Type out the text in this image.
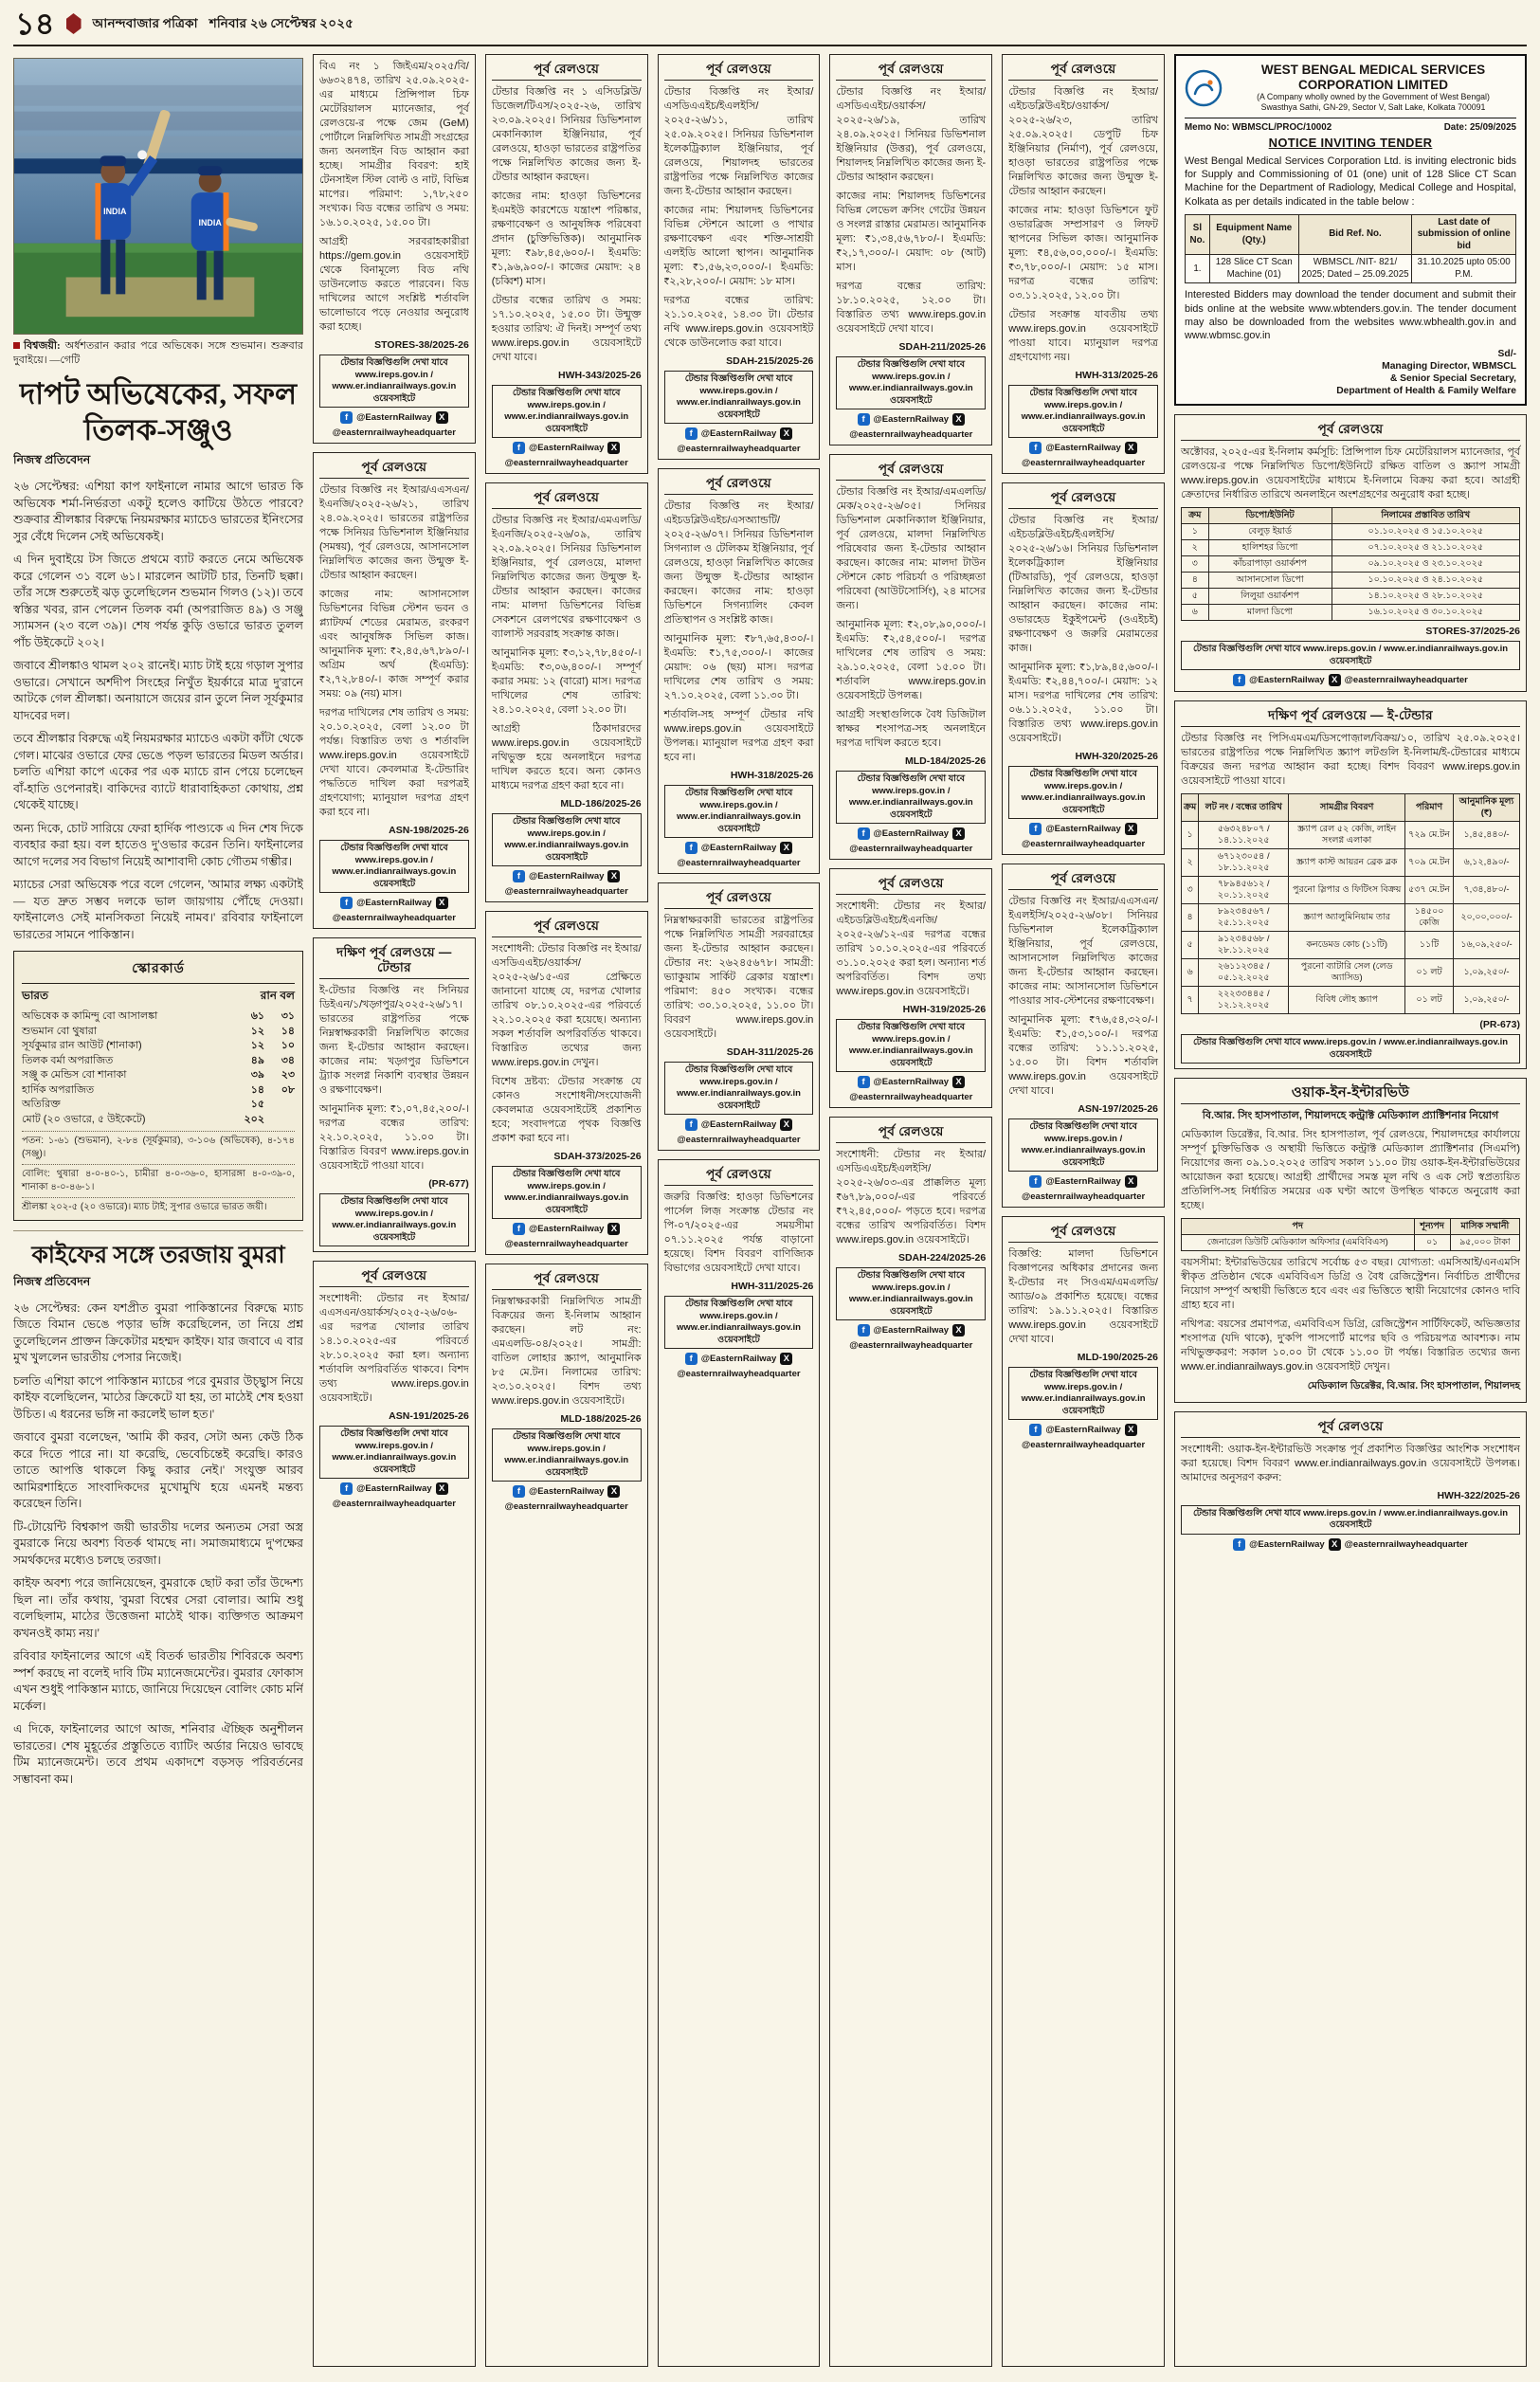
১৪	আনন্দবাজার পত্রিকা শনিবার ২৬ সেপ্টেম্বর ২০২৫
INDIA
INDIA
বিশ্বজয়ী: অর্ধশতরান করার পরে অভিষেক। সঙ্গে শুভমান। শুক্রবার দুবাইয়ে। —গেটি
দাপট অভিষেকের, সফল তিলক-সঞ্জুও
নিজস্ব প্রতিবেদন

২৬ সেপ্টেম্বর: এশিয়া কাপ ফাইনালে নামার আগে ভারত কি অভিষেক শর্মা-নির্ভরতা একটু হলেও কাটিয়ে উঠতে পারবে? শুক্রবার শ্রীলঙ্কার বিরুদ্ধে নিয়মরক্ষার ম্যাচেও ভারতের ইনিংসের সুর বেঁধে দিলেন সেই অভিষেকই।

এ দিন দুবাইয়ে টস জিতে প্রথমে ব্যাট করতে নেমে অভিষেক করে গেলেন ৩১ বলে ৬১। মারলেন আটটি চার, তিনটি ছক্কা। তাঁর সঙ্গে শুরুতেই ঝড় তুলেছিলেন শুভমান গিলও (১২)। তবে স্বস্তির খবর, রান পেলেন তিলক বর্মা (অপরাজিত ৪৯) ও সঞ্জু স্যামসন (২৩ বলে ৩৯)। শেষ পর্যন্ত কুড়ি ওভারে ভারত তুলল পাঁচ উইকেটে ২০২।

জবাবে শ্রীলঙ্কাও থামল ২০২ রানেই। ম্যাচ টাই হয়ে গড়াল সুপার ওভারে। সেখানে অর্শদীপ সিংহের নিখুঁত ইয়র্কারে মাত্র দু'রানে আটকে গেল শ্রীলঙ্কা। অনায়াসে জয়ের রান তুলে নিল সূর্যকুমার যাদবের দল।

তবে শ্রীলঙ্কার বিরুদ্ধে এই নিয়মরক্ষার ম্যাচেও একটা কাঁটা থেকে গেল। মাঝের ওভারে ফের ভেঙে পড়ল ভারতের মিডল অর্ডার। চলতি এশিয়া কাপে একের পর এক ম্যাচে রান পেয়ে চলেছেন বাঁ-হাতি ওপেনারই। বাকিদের ব্যাটে ধারাবাহিকতা কোথায়, প্রশ্ন থেকেই যাচ্ছে।

অন্য দিকে, চোট সারিয়ে ফেরা হার্দিক পাণ্ড্যকে এ দিন শেষ দিকে ব্যবহার করা হয়। বল হাতেও দু'ওভার করেন তিনি। ফাইনালের আগে দলের সব বিভাগ নিয়েই আশাবাদী কোচ গৌতম গম্ভীর।

ম্যাচের সেরা অভিষেক পরে বলে গেলেন, 'আমার লক্ষ্য একটাই — যত দ্রুত সম্ভব দলকে ভাল জায়গায় পৌঁছে দেওয়া। ফাইনালেও সেই মানসিকতা নিয়েই নামব।' রবিবার ফাইনালে ভারতের সামনে পাকিস্তান।

স্কোরকার্ড
ভারত	রান বল
অভিষেক ক কামিন্দু বো আসালঙ্কা	৬১	৩১
শুভমান বো থুষারা	১২	১৪
সূর্যকুমার রান আউট (শানাকা)	১২	১০
তিলক বর্মা অপরাজিত	৪৯	৩৪
সঞ্জু ক মেন্ডিস বো শানাকা	৩৯	২৩
হার্দিক অপরাজিত	১৪	০৮
অতিরিক্ত	১৫
মোট (২০ ওভারে, ৫ উইকেটে)	২০২

পতন: ১-৬১ (শুভমান), ২-৮৪ (সূর্যকুমার), ৩-১০৬ (অভিষেক), ৪-১৭৪ (সঞ্জু)।

বোলিং: থুষারা ৪-০-৪০-১, চামীরা ৪-০-৩৬-০, হাসারঙ্গা ৪-০-৩৯-০, শানাকা ৪-০-৪৬-১।

শ্রীলঙ্কা ২০২-৫ (২০ ওভারে)। ম্যাচ টাই; সুপার ওভারে ভারত জয়ী।

কাইফের সঙ্গে তরজায় বুমরা
নিজস্ব প্রতিবেদন

২৬ সেপ্টেম্বর: কেন যশপ্রীত বুমরা পাকিস্তানের বিরুদ্ধে ম্যাচ জিতে বিমান ভেঙে পড়ার ভঙ্গি করেছিলেন, তা নিয়ে প্রশ্ন তুলেছিলেন প্রাক্তন ক্রিকেটার মহম্মদ কাইফ। যার জবাবে এ বার মুখ খুললেন ভারতীয় পেসার নিজেই।

চলতি এশিয়া কাপে পাকিস্তান ম্যাচের পরে বুমরার উচ্ছ্বাস নিয়ে কাইফ বলেছিলেন, 'মাঠের ক্রিকেটে যা হয়, তা মাঠেই শেষ হওয়া উচিত। এ ধরনের ভঙ্গি না করলেই ভাল হত।'

জবাবে বুমরা বলেছেন, 'আমি কী করব, সেটা অন্য কেউ ঠিক করে দিতে পারে না। যা করেছি, ভেবেচিন্তেই করেছি। কারও তাতে আপত্তি থাকলে কিছু করার নেই।' সংযুক্ত আরব আমিরশাহিতে সাংবাদিকদের মুখোমুখি হয়ে এমনই মন্তব্য করেছেন তিনি।

টি-টোয়েন্টি বিশ্বকাপ জয়ী ভারতীয় দলের অন্যতম সেরা অস্ত্র বুমরাকে নিয়ে অবশ্য বিতর্ক থামছে না। সমাজমাধ্যমে দু'পক্ষের সমর্থকদের মধ্যেও চলছে তরজা।

কাইফ অবশ্য পরে জানিয়েছেন, বুমরাকে ছোট করা তাঁর উদ্দেশ্য ছিল না। তাঁর কথায়, 'বুমরা বিশ্বের সেরা বোলার। আমি শুধু বলেছিলাম, মাঠের উত্তেজনা মাঠেই থাক। ব্যক্তিগত আক্রমণ কখনওই কাম্য নয়।'

রবিবার ফাইনালের আগে এই বিতর্ক ভারতীয় শিবিরকে অবশ্য স্পর্শ করছে না বলেই দাবি টিম ম্যানেজমেন্টের। বুমরার ফোকাস এখন শুধুই পাকিস্তান ম্যাচে, জানিয়ে দিয়েছেন বোলিং কোচ মর্নি মর্কেল।

এ দিকে, ফাইনালের আগে আজ, শনিবার ঐচ্ছিক অনুশীলন ভারতের। শেষ মুহূর্তের প্রস্তুতিতে ব্যাটিং অর্ডার নিয়েও ভাবছে টিম ম্যানেজমেন্ট। তবে প্রথম একাদশে বড়সড় পরিবর্তনের সম্ভাবনা কম।

বিএ নং ১ জিইএম/২০২৫/বি/৬৬৩২৪৭৪, তারিখ ২৫.০৯.২০২৫-এর মাধ্যমে প্রিন্সিপাল চিফ মেটেরিয়ালস ম্যানেজার, পূর্ব রেলওয়ে-র পক্ষে জেম (GeM) পোর্টালে নিম্নলিখিত সামগ্রী সংগ্রহের জন্য অনলাইন বিড আহ্বান করা হচ্ছে। সামগ্রীর বিবরণ: হাই টেনসাইল স্টিল বোল্ট ও নাট, বিভিন্ন মাপের। পরিমাণ: ১,৭৮,২৫০ সংখ্যক। বিড বন্ধের তারিখ ও সময়: ১৬.১০.২০২৫, ১৫.০০ টা।

আগ্রহী সরবরাহকারীরা https://gem.gov.in ওয়েবসাইট থেকে বিনামূল্যে বিড নথি ডাউনলোড করতে পারবেন। বিড দাখিলের আগে সংশ্লিষ্ট শর্তাবলি ভালোভাবে পড়ে নেওয়ার অনুরোধ করা হচ্ছে।

STORES-38/2025-26
টেন্ডার বিজ্ঞপ্তিগুলি দেখা যাবে www.ireps.gov.in / www.er.indianrailways.gov.in ওয়েবসাইটে
f @EasternRailway X
@easternrailwayheadquarter
পূর্ব রেলওয়ে

টেন্ডার বিজ্ঞপ্তি নং ইআর/এএসএন/ইএনজি/২০২৫-২৬/২১, তারিখ ২৪.০৯.২০২৫। ভারতের রাষ্ট্রপতির পক্ষে সিনিয়র ডিভিশনাল ইঞ্জিনিয়ার (সমন্বয়), পূর্ব রেলওয়ে, আসানসোল নিম্নলিখিত কাজের জন্য উন্মুক্ত ই-টেন্ডার আহ্বান করছেন।

কাজের নাম: আসানসোল ডিভিশনের বিভিন্ন স্টেশন ভবন ও প্ল্যাটফর্ম শেডের মেরামত, রংকরণ এবং আনুষঙ্গিক সিভিল কাজ। আনুমানিক মূল্য: ₹২,৪৫,৬৭,৮৯০/-। অগ্রিম অর্থ (ইএমডি): ₹২,৭২,৮৪০/-। কাজ সম্পূর্ণ করার সময়: ০৯ (নয়) মাস।

দরপত্র দাখিলের শেষ তারিখ ও সময়: ২০.১০.২০২৫, বেলা ১২.০০ টা পর্যন্ত। বিস্তারিত তথ্য ও শর্তাবলি www.ireps.gov.in ওয়েবসাইটে দেখা যাবে। কেবলমাত্র ই-টেন্ডারিং পদ্ধতিতে দাখিল করা দরপত্রই গ্রহণযোগ্য; ম্যানুয়াল দরপত্র গ্রহণ করা হবে না।

ASN-198/2025-26
টেন্ডার বিজ্ঞপ্তিগুলি দেখা যাবে www.ireps.gov.in / www.er.indianrailways.gov.in ওয়েবসাইটে
f @EasternRailway X
@easternrailwayheadquarter
দক্ষিণ পূর্ব রেলওয়ে — টেন্ডার

ই-টেন্ডার বিজ্ঞপ্তি নং সিনিয়র ডিইএন/১/খড়্গপুর/২০২৫-২৬/১৭। ভারতের রাষ্ট্রপতির পক্ষে নিম্নস্বাক্ষরকারী নিম্নলিখিত কাজের জন্য ই-টেন্ডার আহ্বান করছেন। কাজের নাম: খড়্গপুর ডিভিশনে ট্র্যাক সংলগ্ন নিকাশি ব্যবস্থার উন্নয়ন ও রক্ষণাবেক্ষণ।

আনুমানিক মূল্য: ₹১,০৭,৪৫,২০০/-। দরপত্র বন্ধের তারিখ: ২২.১০.২০২৫, ১১.০০ টা। বিস্তারিত বিবরণ www.ireps.gov.in ওয়েবসাইটে পাওয়া যাবে।

(PR-677)
টেন্ডার বিজ্ঞপ্তিগুলি দেখা যাবে www.ireps.gov.in / www.er.indianrailways.gov.in ওয়েবসাইটে
পূর্ব রেলওয়ে

সংশোধনী: টেন্ডার নং ইআর/এএসএন/ওয়ার্কস/২০২৫-২৬/০৬-এর দরপত্র খোলার তারিখ ১৪.১০.২০২৫-এর পরিবর্তে ২৮.১০.২০২৫ করা হল। অন্যান্য শর্তাবলি অপরিবর্তিত থাকবে। বিশদ তথ্য www.ireps.gov.in ওয়েবসাইটে।

ASN-191/2025-26
টেন্ডার বিজ্ঞপ্তিগুলি দেখা যাবে www.ireps.gov.in / www.er.indianrailways.gov.in ওয়েবসাইটে
f @EasternRailway X
@easternrailwayheadquarter
পূর্ব রেলওয়ে

টেন্ডার বিজ্ঞপ্তি নং ১ এসিডব্লিউ/ডিজেল/টিএস/২০২৫-২৬, তারিখ ২৩.০৯.২০২৫। সিনিয়র ডিভিশনাল মেকানিক্যাল ইঞ্জিনিয়ার, পূর্ব রেলওয়ে, হাওড়া ভারতের রাষ্ট্রপতির পক্ষে নিম্নলিখিত কাজের জন্য ই-টেন্ডার আহ্বান করছেন।

কাজের নাম: হাওড়া ডিভিশনের ইএমইউ কারশেডে যন্ত্রাংশ পরিষ্কার, রক্ষণাবেক্ষণ ও আনুষঙ্গিক পরিষেবা প্রদান (চুক্তিভিত্তিক)। আনুমানিক মূল্য: ₹৯৮,৪৫,৬০০/-। ইএমডি: ₹১,৯৬,৯০০/-। কাজের মেয়াদ: ২৪ (চব্বিশ) মাস।

টেন্ডার বন্ধের তারিখ ও সময়: ১৭.১০.২০২৫, ১৫.০০ টা। উন্মুক্ত হওয়ার তারিখ: ঐ দিনই। সম্পূর্ণ তথ্য www.ireps.gov.in ওয়েবসাইটে দেখা যাবে।

HWH-343/2025-26
টেন্ডার বিজ্ঞপ্তিগুলি দেখা যাবে www.ireps.gov.in / www.er.indianrailways.gov.in ওয়েবসাইটে
f @EasternRailway X
@easternrailwayheadquarter
পূর্ব রেলওয়ে

টেন্ডার বিজ্ঞপ্তি নং ইআর/এমএলডি/ইএনজি/২০২৫-২৬/০৯, তারিখ ২২.০৯.২০২৫। সিনিয়র ডিভিশনাল ইঞ্জিনিয়ার, পূর্ব রেলওয়ে, মালদা নিম্নলিখিত কাজের জন্য উন্মুক্ত ই-টেন্ডার আহ্বান করছেন। কাজের নাম: মালদা ডিভিশনের বিভিন্ন সেকশনে রেলপথের রক্ষণাবেক্ষণ ও ব্যালাস্ট সরবরাহ সংক্রান্ত কাজ।

আনুমানিক মূল্য: ₹৩,১২,৭৮,৪৫০/-। ইএমডি: ₹৩,০৬,৪০০/-। সম্পূর্ণ করার সময়: ১২ (বারো) মাস। দরপত্র দাখিলের শেষ তারিখ: ২৪.১০.২০২৫, বেলা ১২.০০ টা।

আগ্রহী ঠিকাদারদের www.ireps.gov.in ওয়েবসাইটে নথিভুক্ত হয়ে অনলাইনে দরপত্র দাখিল করতে হবে। অন্য কোনও মাধ্যমে দরপত্র গ্রহণ করা হবে না।

MLD-186/2025-26
টেন্ডার বিজ্ঞপ্তিগুলি দেখা যাবে www.ireps.gov.in / www.er.indianrailways.gov.in ওয়েবসাইটে
f @EasternRailway X
@easternrailwayheadquarter
পূর্ব রেলওয়ে

সংশোধনী: টেন্ডার বিজ্ঞপ্তি নং ইআর/এসডিএএইচ/ওয়ার্কস/২০২৫-২৬/১৫-এর প্রেক্ষিতে জানানো যাচ্ছে যে, দরপত্র খোলার তারিখ ০৮.১০.২০২৫-এর পরিবর্তে ২২.১০.২০২৫ করা হয়েছে। অন্যান্য সকল শর্তাবলি অপরিবর্তিত থাকবে। বিস্তারিত তথ্যের জন্য www.ireps.gov.in দেখুন।

বিশেষ দ্রষ্টব্য: টেন্ডার সংক্রান্ত যে কোনও সংশোধনী/সংযোজনী কেবলমাত্র ওয়েবসাইটেই প্রকাশিত হবে; সংবাদপত্রে পৃথক বিজ্ঞপ্তি প্রকাশ করা হবে না।

SDAH-373/2025-26
টেন্ডার বিজ্ঞপ্তিগুলি দেখা যাবে www.ireps.gov.in / www.er.indianrailways.gov.in ওয়েবসাইটে
f @EasternRailway X
@easternrailwayheadquarter
পূর্ব রেলওয়ে

নিম্নস্বাক্ষরকারী নিম্নলিখিত সামগ্রী বিক্রয়ের জন্য ই-নিলাম আহ্বান করছেন। লট নং: এমএলডি-০৪/২০২৫। সামগ্রী: বাতিল লোহার স্ক্র্যাপ, আনুমানিক ৮৫ মে.টন। নিলামের তারিখ: ২৩.১০.২০২৫। বিশদ তথ্য www.ireps.gov.in ওয়েবসাইটে।

MLD-188/2025-26
টেন্ডার বিজ্ঞপ্তিগুলি দেখা যাবে www.ireps.gov.in / www.er.indianrailways.gov.in ওয়েবসাইটে
f @EasternRailway X
@easternrailwayheadquarter
পূর্ব রেলওয়ে

টেন্ডার বিজ্ঞপ্তি নং ইআর/এসডিএএইচ/ইএলইসি/২০২৫-২৬/১১, তারিখ ২৫.০৯.২০২৫। সিনিয়র ডিভিশনাল ইলেকট্রিক্যাল ইঞ্জিনিয়ার, পূর্ব রেলওয়ে, শিয়ালদহ ভারতের রাষ্ট্রপতির পক্ষে নিম্নলিখিত কাজের জন্য ই-টেন্ডার আহ্বান করছেন।

কাজের নাম: শিয়ালদহ ডিভিশনের বিভিন্ন স্টেশনে আলো ও পাখার রক্ষণাবেক্ষণ এবং শক্তি-সাশ্রয়ী এলইডি আলো স্থাপন। আনুমানিক মূল্য: ₹১,৫৬,২৩,০০০/-। ইএমডি: ₹২,২৮,২০০/-। মেয়াদ: ১৮ মাস।

দরপত্র বন্ধের তারিখ: ২১.১০.২০২৫, ১৪.৩০ টা। টেন্ডার নথি www.ireps.gov.in ওয়েবসাইট থেকে ডাউনলোড করা যাবে।

SDAH-215/2025-26
টেন্ডার বিজ্ঞপ্তিগুলি দেখা যাবে www.ireps.gov.in / www.er.indianrailways.gov.in ওয়েবসাইটে
f @EasternRailway X
@easternrailwayheadquarter
পূর্ব রেলওয়ে

টেন্ডার বিজ্ঞপ্তি নং ইআর/এইচডব্লিউএইচ/এসঅ্যান্ডটি/২০২৫-২৬/০৭। সিনিয়র ডিভিশনাল সিগন্যাল ও টেলিকম ইঞ্জিনিয়ার, পূর্ব রেলওয়ে, হাওড়া নিম্নলিখিত কাজের জন্য উন্মুক্ত ই-টেন্ডার আহ্বান করছেন। কাজের নাম: হাওড়া ডিভিশনে সিগন্যালিং কেবল প্রতিস্থাপন ও সংশ্লিষ্ট কাজ।

আনুমানিক মূল্য: ₹৮৭,৬৫,৪৩০/-। ইএমডি: ₹১,৭৫,৩০০/-। কাজের মেয়াদ: ০৬ (ছয়) মাস। দরপত্র দাখিলের শেষ তারিখ ও সময়: ২৭.১০.২০২৫, বেলা ১১.৩০ টা।

শর্তাবলি-সহ সম্পূর্ণ টেন্ডার নথি www.ireps.gov.in ওয়েবসাইটে উপলব্ধ। ম্যানুয়াল দরপত্র গ্রহণ করা হবে না।

HWH-318/2025-26
টেন্ডার বিজ্ঞপ্তিগুলি দেখা যাবে www.ireps.gov.in / www.er.indianrailways.gov.in ওয়েবসাইটে
f @EasternRailway X
@easternrailwayheadquarter
পূর্ব রেলওয়ে

নিম্নস্বাক্ষরকারী ভারতের রাষ্ট্রপতির পক্ষে নিম্নলিখিত সামগ্রী সরবরাহের জন্য ই-টেন্ডার আহ্বান করছেন। টেন্ডার নং: ২৬২৪৫৬৭৮। সামগ্রী: ভ্যাকুয়াম সার্কিট ব্রেকার যন্ত্রাংশ। পরিমাণ: ৪৫০ সংখ্যক। বন্ধের তারিখ: ৩০.১০.২০২৫, ১১.০০ টা। বিবরণ www.ireps.gov.in ওয়েবসাইটে।

SDAH-311/2025-26
টেন্ডার বিজ্ঞপ্তিগুলি দেখা যাবে www.ireps.gov.in / www.er.indianrailways.gov.in ওয়েবসাইটে
f @EasternRailway X
@easternrailwayheadquarter
পূর্ব রেলওয়ে

জরুরি বিজ্ঞপ্তি: হাওড়া ডিভিশনের পার্সেল লিজ় সংক্রান্ত টেন্ডার নং পি-০৭/২০২৫-এর সময়সীমা ০৭.১১.২০২৫ পর্যন্ত বাড়ানো হয়েছে। বিশদ বিবরণ বাণিজ্যিক বিভাগের ওয়েবসাইটে দেখা যাবে।

HWH-311/2025-26
টেন্ডার বিজ্ঞপ্তিগুলি দেখা যাবে www.ireps.gov.in / www.er.indianrailways.gov.in ওয়েবসাইটে
f @EasternRailway X
@easternrailwayheadquarter
পূর্ব রেলওয়ে

টেন্ডার বিজ্ঞপ্তি নং ইআর/এসডিএএইচ/ওয়ার্কস/২০২৫-২৬/১৯, তারিখ ২৪.০৯.২০২৫। সিনিয়র ডিভিশনাল ইঞ্জিনিয়ার (উত্তর), পূর্ব রেলওয়ে, শিয়ালদহ নিম্নলিখিত কাজের জন্য ই-টেন্ডার আহ্বান করছেন।

কাজের নাম: শিয়ালদহ ডিভিশনের বিভিন্ন লেভেল ক্রসিং গেটের উন্নয়ন ও সংলগ্ন রাস্তার মেরামত। আনুমানিক মূল্য: ₹১,৩৪,৫৬,৭৮০/-। ইএমডি: ₹২,১৭,৩০০/-। মেয়াদ: ০৮ (আট) মাস।

দরপত্র বন্ধের তারিখ: ১৮.১০.২০২৫, ১২.০০ টা। বিস্তারিত তথ্য www.ireps.gov.in ওয়েবসাইটে দেখা যাবে।

SDAH-211/2025-26
টেন্ডার বিজ্ঞপ্তিগুলি দেখা যাবে www.ireps.gov.in / www.er.indianrailways.gov.in ওয়েবসাইটে
f @EasternRailway X
@easternrailwayheadquarter
পূর্ব রেলওয়ে

টেন্ডার বিজ্ঞপ্তি নং ইআর/এমএলডি/মেক/২০২৫-২৬/০৫। সিনিয়র ডিভিশনাল মেকানিক্যাল ইঞ্জিনিয়ার, পূর্ব রেলওয়ে, মালদা নিম্নলিখিত পরিষেবার জন্য ই-টেন্ডার আহ্বান করছেন। কাজের নাম: মালদা টাউন স্টেশনে কোচ পরিচর্যা ও পরিচ্ছন্নতা পরিষেবা (আউটসোর্সিং), ২৪ মাসের জন্য।

আনুমানিক মূল্য: ₹২,০৮,৯০,০০০/-। ইএমডি: ₹২,৫৪,৫০০/-। দরপত্র দাখিলের শেষ তারিখ ও সময়: ২৯.১০.২০২৫, বেলা ১৫.০০ টা। শর্তাবলি www.ireps.gov.in ওয়েবসাইটে উপলব্ধ।

আগ্রহী সংস্থাগুলিকে বৈধ ডিজিটাল স্বাক্ষর শংসাপত্র-সহ অনলাইনে দরপত্র দাখিল করতে হবে।

MLD-184/2025-26
টেন্ডার বিজ্ঞপ্তিগুলি দেখা যাবে www.ireps.gov.in / www.er.indianrailways.gov.in ওয়েবসাইটে
f @EasternRailway X
@easternrailwayheadquarter
পূর্ব রেলওয়ে

সংশোধনী: টেন্ডার নং ইআর/এইচডব্লিউএইচ/ইএনজি/২০২৫-২৬/১২-এর দরপত্র বন্ধের তারিখ ১০.১০.২০২৫-এর পরিবর্তে ৩১.১০.২০২৫ করা হল। অন্যান্য শর্ত অপরিবর্তিত। বিশদ তথ্য www.ireps.gov.in ওয়েবসাইটে।

HWH-319/2025-26
টেন্ডার বিজ্ঞপ্তিগুলি দেখা যাবে www.ireps.gov.in / www.er.indianrailways.gov.in ওয়েবসাইটে
f @EasternRailway X
@easternrailwayheadquarter
পূর্ব রেলওয়ে

সংশোধনী: টেন্ডার নং ইআর/এসডিএএইচ/ইএলইসি/২০২৫-২৬/০৩-এর প্রাক্কলিত মূল্য ₹৬৭,৮৯,০০০/-এর পরিবর্তে ₹৭২,৪৫,০০০/- পড়তে হবে। দরপত্র বন্ধের তারিখ অপরিবর্তিত। বিশদ www.ireps.gov.in ওয়েবসাইটে।

SDAH-224/2025-26
টেন্ডার বিজ্ঞপ্তিগুলি দেখা যাবে www.ireps.gov.in / www.er.indianrailways.gov.in ওয়েবসাইটে
f @EasternRailway X
@easternrailwayheadquarter
পূর্ব রেলওয়ে

টেন্ডার বিজ্ঞপ্তি নং ইআর/এইচডব্লিউএইচ/ওয়ার্কস/২০২৫-২৬/২৩, তারিখ ২৫.০৯.২০২৫। ডেপুটি চিফ ইঞ্জিনিয়ার (নির্মাণ), পূর্ব রেলওয়ে, হাওড়া ভারতের রাষ্ট্রপতির পক্ষে নিম্নলিখিত কাজের জন্য উন্মুক্ত ই-টেন্ডার আহ্বান করছেন।

কাজের নাম: হাওড়া ডিভিশনে ফুট ওভারব্রিজ সম্প্রসারণ ও লিফট স্থাপনের সিভিল কাজ। আনুমানিক মূল্য: ₹৪,৫৬,০০,০০০/-। ইএমডি: ₹৩,৭৮,০০০/-। মেয়াদ: ১৫ মাস। দরপত্র বন্ধের তারিখ: ০৩.১১.২০২৫, ১২.০০ টা।

টেন্ডার সংক্রান্ত যাবতীয় তথ্য www.ireps.gov.in ওয়েবসাইটে পাওয়া যাবে। ম্যানুয়াল দরপত্র গ্রহণযোগ্য নয়।

HWH-313/2025-26
টেন্ডার বিজ্ঞপ্তিগুলি দেখা যাবে www.ireps.gov.in / www.er.indianrailways.gov.in ওয়েবসাইটে
f @EasternRailway X
@easternrailwayheadquarter
পূর্ব রেলওয়ে

টেন্ডার বিজ্ঞপ্তি নং ইআর/এইচডব্লিউএইচ/ইএলইসি/২০২৫-২৬/১৬। সিনিয়র ডিভিশনাল ইলেকট্রিক্যাল ইঞ্জিনিয়ার (টিআরডি), পূর্ব রেলওয়ে, হাওড়া নিম্নলিখিত কাজের জন্য ই-টেন্ডার আহ্বান করছেন। কাজের নাম: ওভারহেড ইকুইপমেন্ট (ওএইচই) রক্ষণাবেক্ষণ ও জরুরি মেরামতের কাজ।

আনুমানিক মূল্য: ₹১,৮৯,৪৫,৬০০/-। ইএমডি: ₹২,৪৪,৭০০/-। মেয়াদ: ১২ মাস। দরপত্র দাখিলের শেষ তারিখ: ০৬.১১.২০২৫, ১১.০০ টা। বিস্তারিত তথ্য www.ireps.gov.in ওয়েবসাইটে।

HWH-320/2025-26
টেন্ডার বিজ্ঞপ্তিগুলি দেখা যাবে www.ireps.gov.in / www.er.indianrailways.gov.in ওয়েবসাইটে
f @EasternRailway X
@easternrailwayheadquarter
পূর্ব রেলওয়ে

টেন্ডার বিজ্ঞপ্তি নং ইআর/এএসএন/ইএলইসি/২০২৫-২৬/০৮। সিনিয়র ডিভিশনাল ইলেকট্রিক্যাল ইঞ্জিনিয়ার, পূর্ব রেলওয়ে, আসানসোল নিম্নলিখিত কাজের জন্য ই-টেন্ডার আহ্বান করছেন। কাজের নাম: আসানসোল ডিভিশনে পাওয়ার সাব-স্টেশনের রক্ষণাবেক্ষণ।

আনুমানিক মূল্য: ₹৭৬,৫৪,৩২০/-। ইএমডি: ₹১,৫৩,১০০/-। দরপত্র বন্ধের তারিখ: ১১.১১.২০২৫, ১৫.০০ টা। বিশদ শর্তাবলি www.ireps.gov.in ওয়েবসাইটে দেখা যাবে।

ASN-197/2025-26
টেন্ডার বিজ্ঞপ্তিগুলি দেখা যাবে www.ireps.gov.in / www.er.indianrailways.gov.in ওয়েবসাইটে
f @EasternRailway X
@easternrailwayheadquarter
পূর্ব রেলওয়ে

বিজ্ঞপ্তি: মালদা ডিভিশনে বিজ্ঞাপনের অধিকার প্রদানের জন্য ই-টেন্ডার নং সিওএম/এমএলডি/অ্যাড/০৯ প্রকাশিত হয়েছে। বন্ধের তারিখ: ১৯.১১.২০২৫। বিস্তারিত www.ireps.gov.in ওয়েবসাইটে দেখা যাবে।

MLD-190/2025-26
টেন্ডার বিজ্ঞপ্তিগুলি দেখা যাবে www.ireps.gov.in / www.er.indianrailways.gov.in ওয়েবসাইটে
f @EasternRailway X
@easternrailwayheadquarter
WEST BENGAL MEDICAL SERVICES CORPORATION LIMITED
(A Company wholly owned by the Government of West Bengal)
Swasthya Sathi, GN-29, Sector V, Salt Lake, Kolkata 700091
Memo No: WBMSCL/PROC/10002	Date: 25/09/2025
NOTICE INVITING TENDER

West Bengal Medical Services Corporation Ltd. is inviting electronic bids for Supply and Commissioning of 01 (one) unit of 128 Slice CT Scan Machine for the Department of Radiology, Medical College and Hospital, Kolkata as per details indicated in the table below :

Sl No.	Equipment Name (Qty.)	Bid Ref. No.	Last date of submission of online bid
1.	128 Slice CT Scan Machine (01)	WBMSCL /NIT- 821/ 2025; Dated – 25.09.2025	31.10.2025 upto 05:00 P.M.

Interested Bidders may download the tender document and submit their bids online at the website www.wbtenders.gov.in. The tender document may also be downloaded from the websites www.wbhealth.gov.in and www.wbmsc.gov.in

Sd/-
Managing Director, WBMSCL
& Senior Special Secretary,
Department of Health & Family Welfare
পূর্ব রেলওয়ে

অক্টোবর, ২০২৫-এর ই-নিলাম কর্মসূচি: প্রিন্সিপাল চিফ মেটেরিয়ালস ম্যানেজার, পূর্ব রেলওয়ে-র পক্ষে নিম্নলিখিত ডিপো/ইউনিটে রক্ষিত বাতিল ও স্ক্র্যাপ সামগ্রী www.ireps.gov.in ওয়েবসাইটের মাধ্যমে ই-নিলামে বিক্রয় করা হবে। আগ্রহী ক্রেতাদের নির্ধারিত তারিখে অনলাইনে অংশগ্রহণের অনুরোধ করা হচ্ছে।

ক্রম	ডিপো/ইউনিট	নিলামের প্রস্তাবিত তারিখ
১	বেলুড় ইয়ার্ড	০১.১০.২০২৫ ও ১৫.১০.২০২৫
২	হালিশহর ডিপো	০৭.১০.২০২৫ ও ২১.১০.২০২৫
৩	কাঁচরাপাড়া ওয়ার্কশপ	০৯.১০.২০২৫ ও ২৩.১০.২০২৫
৪	আসানসোল ডিপো	১০.১০.২০২৫ ও ২৪.১০.২০২৫
৫	লিলুয়া ওয়ার্কশপ	১৪.১০.২০২৫ ও ২৮.১০.২০২৫
৬	মালদা ডিপো	১৬.১০.২০২৫ ও ৩০.১০.২০২৫
STORES-37/2025-26
টেন্ডার বিজ্ঞপ্তিগুলি দেখা যাবে www.ireps.gov.in / www.er.indianrailways.gov.in ওয়েবসাইটে
f @EasternRailway X @easternrailwayheadquarter
দক্ষিণ পূর্ব রেলওয়ে — ই-টেন্ডার

টেন্ডার বিজ্ঞপ্তি নং পিসিএমএম/ডিসপোজ়াল/বিক্রয়/১০, তারিখ ২৫.০৯.২০২৫। ভারতের রাষ্ট্রপতির পক্ষে নিম্নলিখিত স্ক্র্যাপ লটগুলি ই-নিলাম/ই-টেন্ডারের মাধ্যমে বিক্রয়ের জন্য দরপত্র আহ্বান করা হচ্ছে। বিশদ বিবরণ www.ireps.gov.in ওয়েবসাইটে পাওয়া যাবে।

ক্রম	লট নং / বন্ধের তারিখ	সামগ্রীর বিবরণ	পরিমাণ	আনুমানিক মূল্য (₹)
১	৫৬৩২৪৮০৭ / ১৪.১১.২০২৫	স্ক্র্যাপ রেল ৫২ কেজি, লাইন সংলগ্ন এলাকা	৭২৯ মে.টন	১,৪৫,৪৪০/-
২	৬৭১২৩০৫৪ / ১৮.১১.২০২৫	স্ক্র্যাপ কাস্ট আয়রন ব্রেক ব্লক	৭০৯ মে.টন	৬,১২,৪৯০/-
৩	৭৮৯৪৫৬১২ / ২০.১১.২০২৫	পুরনো স্লিপার ও ফিটিংস বিক্রয়	৫৩৭ মে.টন	৭,৩৪,৪৮০/-
৪	৮৯২৩৪৫৬৭ / ২৫.১১.২০২৫	স্ক্র্যাপ অ্যালুমিনিয়াম তার	১৪৫০০ কেজি	২০,০০,০০০/-
৫	৯১২৩৪৫৬৮ / ২৮.১১.২০২৫	কনডেমড কোচ (১১টি)	১১টি	১৬,০৯,২৫০/-
৬	২৬১১২৩৪৫ / ০৫.১২.২০২৫	পুরনো ব্যাটারি সেল (লেড অ্যাসিড)	০১ লট	১,০৯,২৫০/-
৭	২২২৩৩৪৪৫ / ১২.১২.২০২৫	বিবিধ লৌহ স্ক্র্যাপ	০১ লট	১,০৯,২৫০/-
(PR-673)
টেন্ডার বিজ্ঞপ্তিগুলি দেখা যাবে www.ireps.gov.in / www.er.indianrailways.gov.in ওয়েবসাইটে
ওয়াক-ইন-ইন্টারভিউ
বি.আর. সিং হাসপাতাল, শিয়ালদহে কন্ট্রাক্ট মেডিক্যাল প্র্যাক্টিশনার নিয়োগ

মেডিক্যাল ডিরেক্টর, বি.আর. সিং হাসপাতাল, পূর্ব রেলওয়ে, শিয়ালদহের কার্যালয়ে সম্পূর্ণ চুক্তিভিত্তিক ও অস্থায়ী ভিত্তিতে কন্ট্রাক্ট মেডিক্যাল প্র্যাক্টিশনার (সিএমপি) নিয়োগের জন্য ০৯.১০.২০২৫ তারিখ সকাল ১১.০০ টায় ওয়াক-ইন-ইন্টারভিউয়ের আয়োজন করা হয়েছে। আগ্রহী প্রার্থীদের সমস্ত মূল নথি ও এক সেট স্বপ্রত্যয়িত প্রতিলিপি-সহ নির্ধারিত সময়ের এক ঘণ্টা আগে উপস্থিত থাকতে অনুরোধ করা হচ্ছে।

পদ	শূন্যপদ	মাসিক সম্মানী
জেনারেল ডিউটি মেডিক্যাল অফিসার (এমবিবিএস)	০১	৯৫,০০০ টাকা

বয়সসীমা: ইন্টারভিউয়ের তারিখে সর্বোচ্চ ৫৩ বছর। যোগ্যতা: এমসিআই/এনএমসি স্বীকৃত প্রতিষ্ঠান থেকে এমবিবিএস ডিগ্রি ও বৈধ রেজিস্ট্রেশন। নির্বাচিত প্রার্থীদের নিয়োগ সম্পূর্ণ অস্থায়ী ভিত্তিতে হবে এবং এর ভিত্তিতে স্থায়ী নিয়োগের কোনও দাবি গ্রাহ্য হবে না।

নথিপত্র: বয়সের প্রমাণপত্র, এমবিবিএস ডিগ্রি, রেজিস্ট্রেশন সার্টিফিকেট, অভিজ্ঞতার শংসাপত্র (যদি থাকে), দু'কপি পাসপোর্ট মাপের ছবি ও পরিচয়পত্র আবশ্যক। নাম নথিভুক্তকরণ: সকাল ১০.০০ টা থেকে ১১.০০ টা পর্যন্ত। বিস্তারিত তথ্যের জন্য www.er.indianrailways.gov.in ওয়েবসাইট দেখুন।

মেডিক্যাল ডিরেক্টর, বি.আর. সিং হাসপাতাল, শিয়ালদহ
পূর্ব রেলওয়ে

সংশোধনী: ওয়াক-ইন-ইন্টারভিউ সংক্রান্ত পূর্ব প্রকাশিত বিজ্ঞপ্তির আংশিক সংশোধন করা হয়েছে। বিশদ বিবরণ www.er.indianrailways.gov.in ওয়েবসাইটে উপলব্ধ। আমাদের অনুসরণ করুন:

HWH-322/2025-26
টেন্ডার বিজ্ঞপ্তিগুলি দেখা যাবে www.ireps.gov.in / www.er.indianrailways.gov.in ওয়েবসাইটে
f @EasternRailway X @easternrailwayheadquarter
